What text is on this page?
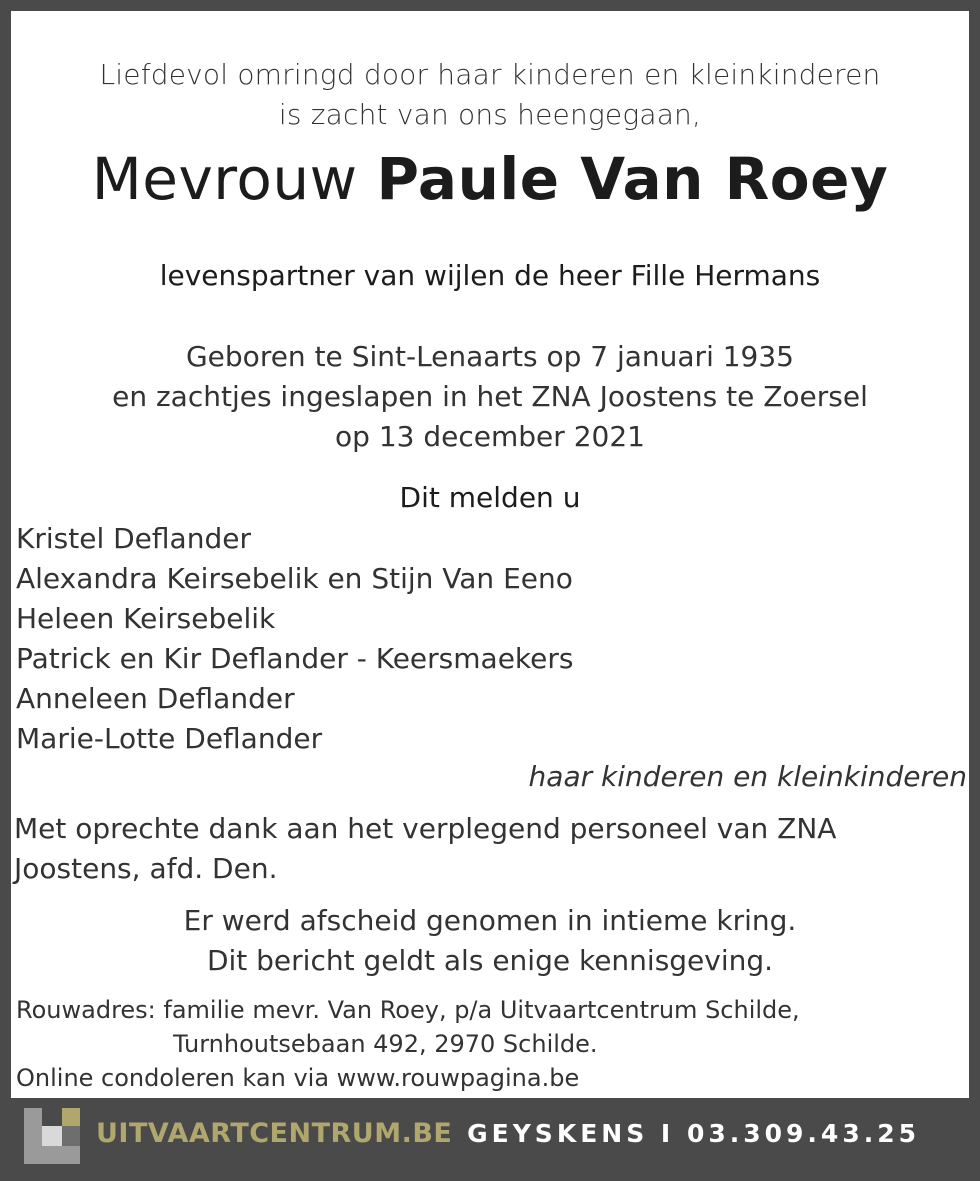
Liefdevol omringd door haar kinderen en kleinkinderen
is zacht van ons heengegaan,
Mevrouw Paule Van Roey
levenspartner van wijlen de heer Fille Hermans
Geboren te Sint-Lenaarts op 7 januari 1935
en zachtjes ingeslapen in het ZNA Joostens te Zoersel
op 13 december 2021
Dit melden u
Kristel Deflander
Alexandra Keirsebelik en Stijn Van Eeno
Heleen Keirsebelik
Patrick en Kir Deflander - Keersmaekers
Anneleen Deflander
Marie-Lotte Deflander
haar kinderen en kleinkinderen
Met oprechte dank aan het verplegend personeel van ZNA Joostens, afd. Den.
Er werd afscheid genomen in intieme kring.
Dit bericht geldt als enige kennisgeving.
Rouwadres: familie mevr. Van Roey, p/a Uitvaartcentrum Schilde,
Turnhoutsebaan 492, 2970 Schilde.
Online condoleren kan via www.rouwpagina.be
UITVAARTCENTRUM.BE GEYSKENS I 03.309.43.25
